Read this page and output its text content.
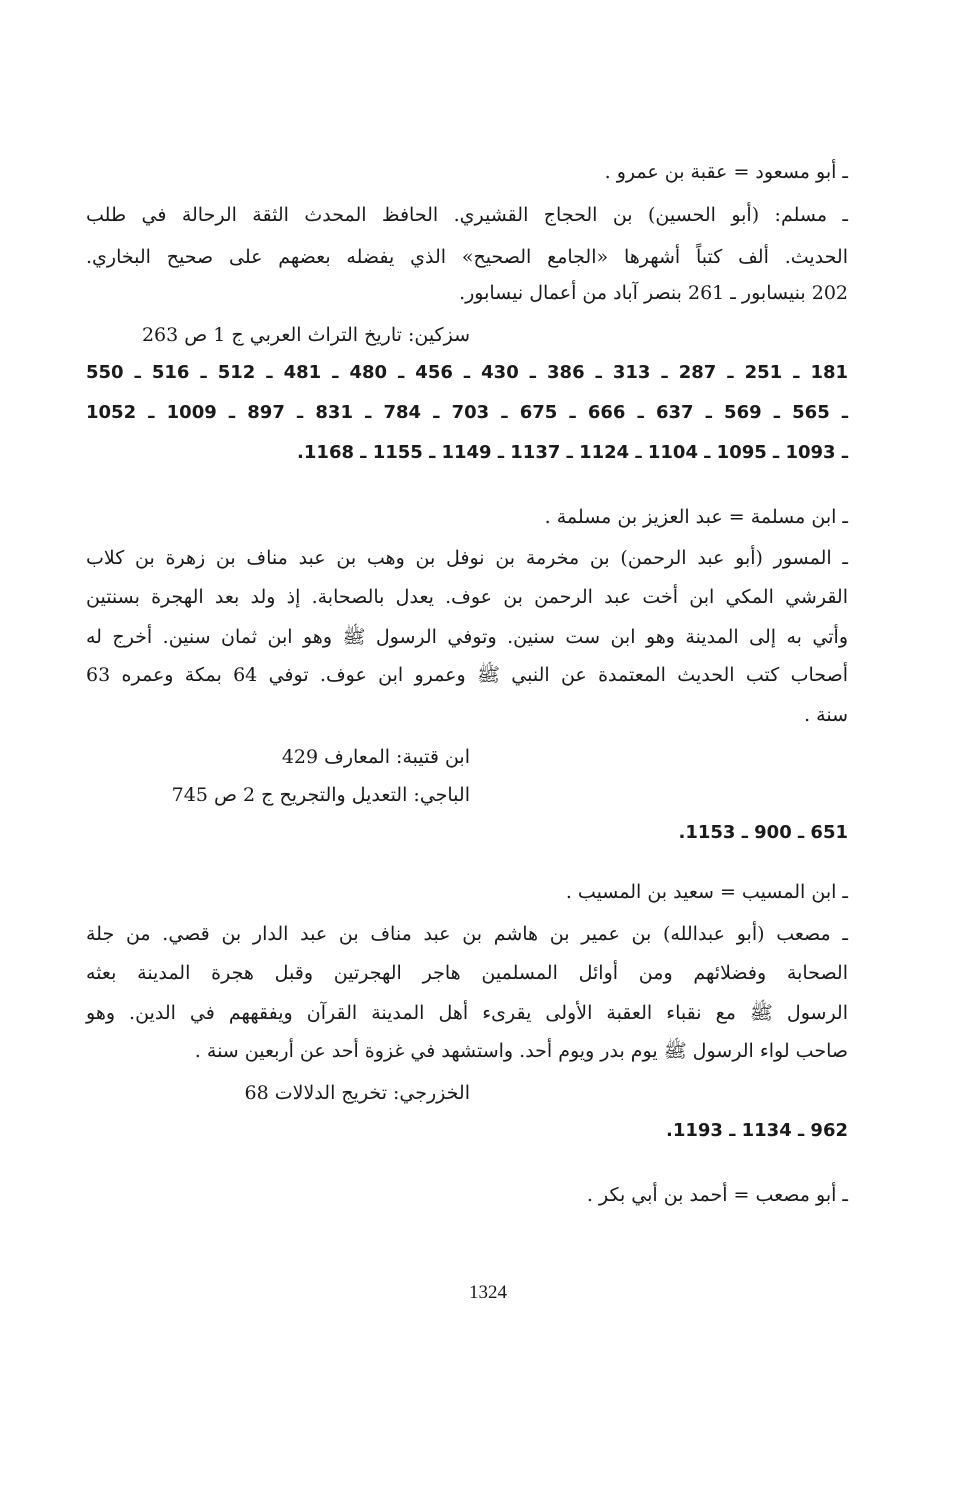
ـ أبو مسعود = عقبة بن عمرو .
ـ مسلم: (أبو الحسين) بن الحجاج القشيري. الحافظ المحدث الثقة الرحالة في طلب
الحديث. ألف كتباً أشهرها «الجامع الصحيح» الذي يفضله بعضهم على صحيح البخاري.
202 بنيسابور ـ 261 بنصر آباد من أعمال نيسابور.
سزكين: تاريخ التراث العربي ج 1 ص 263
181 ـ 251 ـ 287 ـ 313 ـ 386 ـ 430 ـ 456 ـ 480 ـ 481 ـ 512 ـ 516 ـ 550
ـ 565 ـ 569 ـ 637 ـ 666 ـ 675 ـ 703 ـ 784 ـ 831 ـ 897 ـ 1009 ـ 1052
ـ 1093 ـ 1095 ـ 1104 ـ 1124 ـ 1137 ـ 1149 ـ 1155 ـ 1168.
ـ ابن مسلمة = عبد العزيز بن مسلمة .
ـ المسور (أبو عبد الرحمن) بن مخرمة بن نوفل بن وهب بن عبد مناف بن زهرة بن كلاب
القرشي المكي ابن أخت عبد الرحمن بن عوف. يعدل بالصحابة. إذ ولد بعد الهجرة بسنتين
وأتي به إلى المدينة وهو ابن ست سنين. وتوفي الرسول ﷺ وهو ابن ثمان سنين. أخرج له
أصحاب كتب الحديث المعتمدة عن النبي ﷺ وعمرو ابن عوف. توفي 64 بمكة وعمره 63
سنة .
ابن قتيبة: المعارف 429
الباجي: التعديل والتجريح ج 2 ص 745
651 ـ 900 ـ 1153.
ـ ابن المسيب = سعيد بن المسيب .
ـ مصعب (أبو عبدالله) بن عمير بن هاشم بن عبد مناف بن عبد الدار بن قصي. من جلة
الصحابة وفضلائهم ومن أوائل المسلمين هاجر الهجرتين وقبل هجرة المدينة بعثه
الرسول ﷺ مع نقباء العقبة الأولى يقرىء أهل المدينة القرآن ويفقههم في الدين. وهو
صاحب لواء الرسول ﷺ يوم بدر ويوم أحد. واستشهد في غزوة أحد عن أربعين سنة .
الخزرجي: تخريج الدلالات 68
962 ـ 1134 ـ 1193.
ـ أبو مصعب = أحمد بن أبي بكر .
1324
